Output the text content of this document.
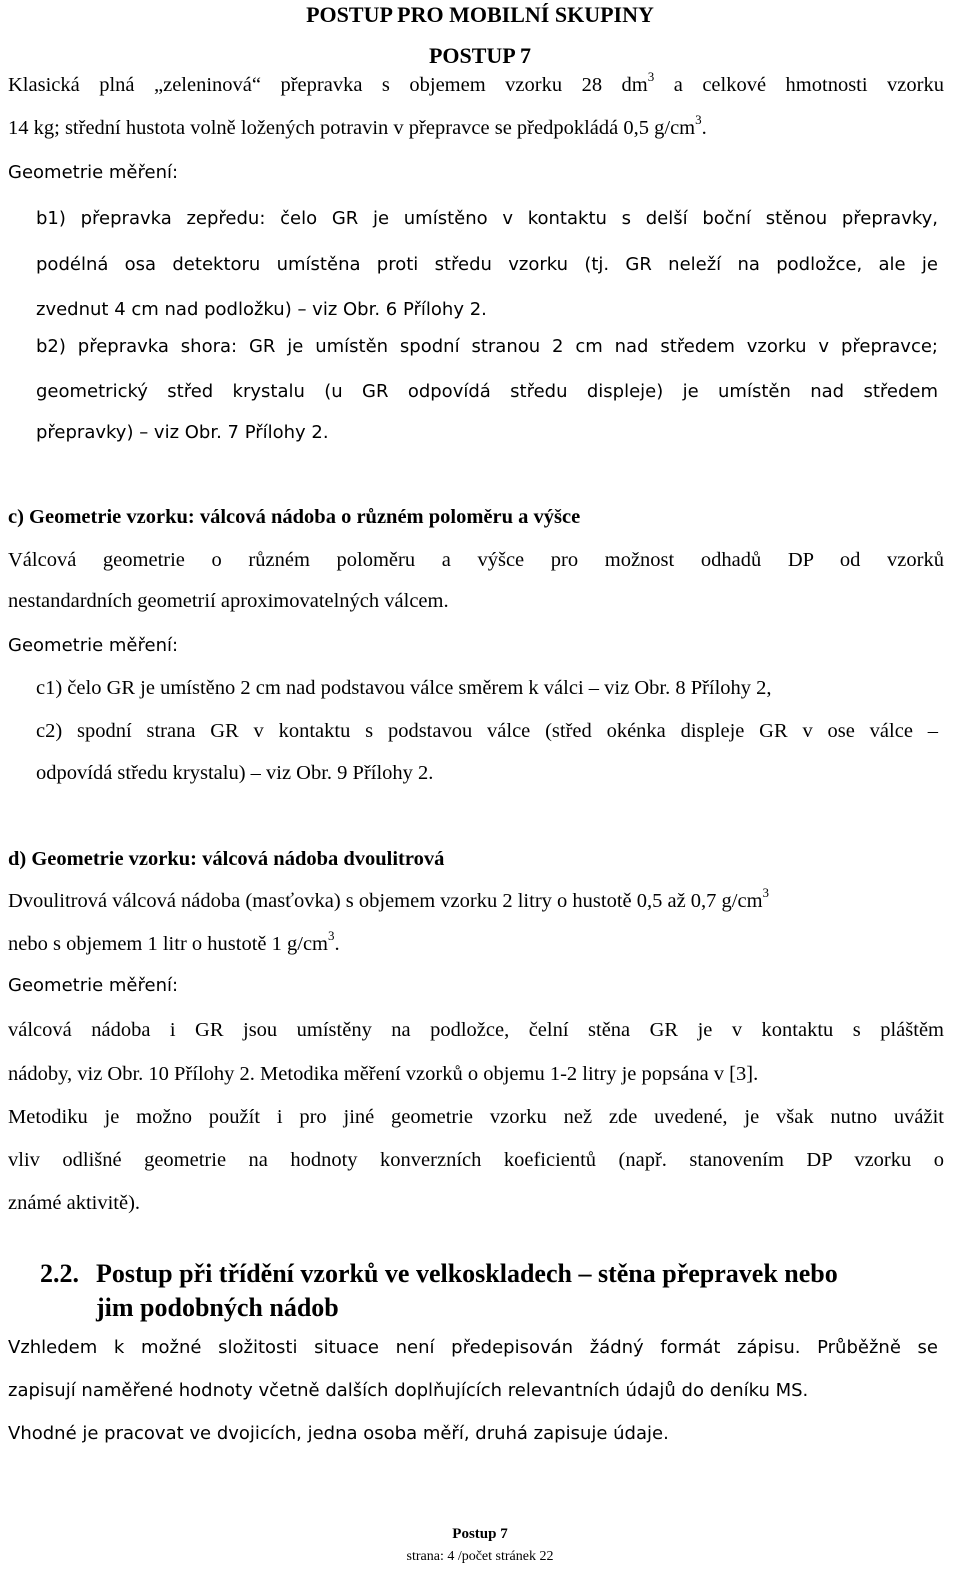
POSTUP PRO MOBILNÍ SKUPINY
POSTUP 7
Klasická plná „zeleninová“ přepravka s objemem vzorku 28 $dm^3$ a celkové hmotnosti vzorku
14 kg; střední hustota volně ložených potravin v přepravce se předpokládá 0,5 $g/cm^3$.
Geometrie měření:
b1) přepravka zepředu: čelo GR je umístěno v kontaktu s delší boční stěnou přepravky,
podélná osa detektoru umístěna proti středu vzorku (tj. GR neleží na podložce, ale je
zvednut 4 cm nad podložku) – viz Obr. 6 Přílohy 2.
b2) přepravka shora: GR je umístěn spodní stranou 2 cm nad středem vzorku v přepravce;
geometrický střed krystalu (u GR odpovídá středu displeje) je umístěn nad středem
přepravky) – viz Obr. 7 Přílohy 2.
c) Geometrie vzorku: válcová nádoba o různém poloměru a výšce
Válcová geometrie o různém poloměru a výšce pro možnost odhadů DP od vzorků
nestandardních geometrií aproximovatelných válcem.
Geometrie měření:
c1) čelo GR je umístěno 2 cm nad podstavou válce směrem k válci – viz Obr. 8 Přílohy 2,
c2) spodní strana GR v kontaktu s podstavou válce (střed okénka displeje GR v ose válce –
odpovídá středu krystalu) – viz Obr. 9 Přílohy 2.
d) Geometrie vzorku: válcová nádoba dvoulitrová
Dvoulitrová válcová nádoba (masťovka) s objemem vzorku 2 litry o hustotě 0,5 až 0,7 $g/cm^3$
nebo s objemem 1 litr o hustotě 1 $g/cm^3$.
Geometrie měření:
válcová nádoba i GR jsou umístěny na podložce, čelní stěna GR je v kontaktu s pláštěm
nádoby, viz Obr. 10 Přílohy 2. Metodika měření vzorků o objemu 1-2 litry je popsána v [3].
Metodiku je možno použít i pro jiné geometrie vzorku než zde uvedené, je však nutno uvážit
vliv odlišné geometrie na hodnoty konverzních koeficientů (např. stanovením DP vzorku o
známé aktivitě).
2.2. Postup při třídění vzorků ve velkoskladech – stěna přepravek nebo
jim podobných nádob
Vzhledem k možné složitosti situace není předepisován žádný formát zápisu. Průběžně se
zapisují naměřené hodnoty včetně dalších doplňujících relevantních údajů do deníku MS.
Vhodné je pracovat ve dvojicích, jedna osoba měří, druhá zapisuje údaje.
Postup 7
strana: 4 /počet stránek 22
